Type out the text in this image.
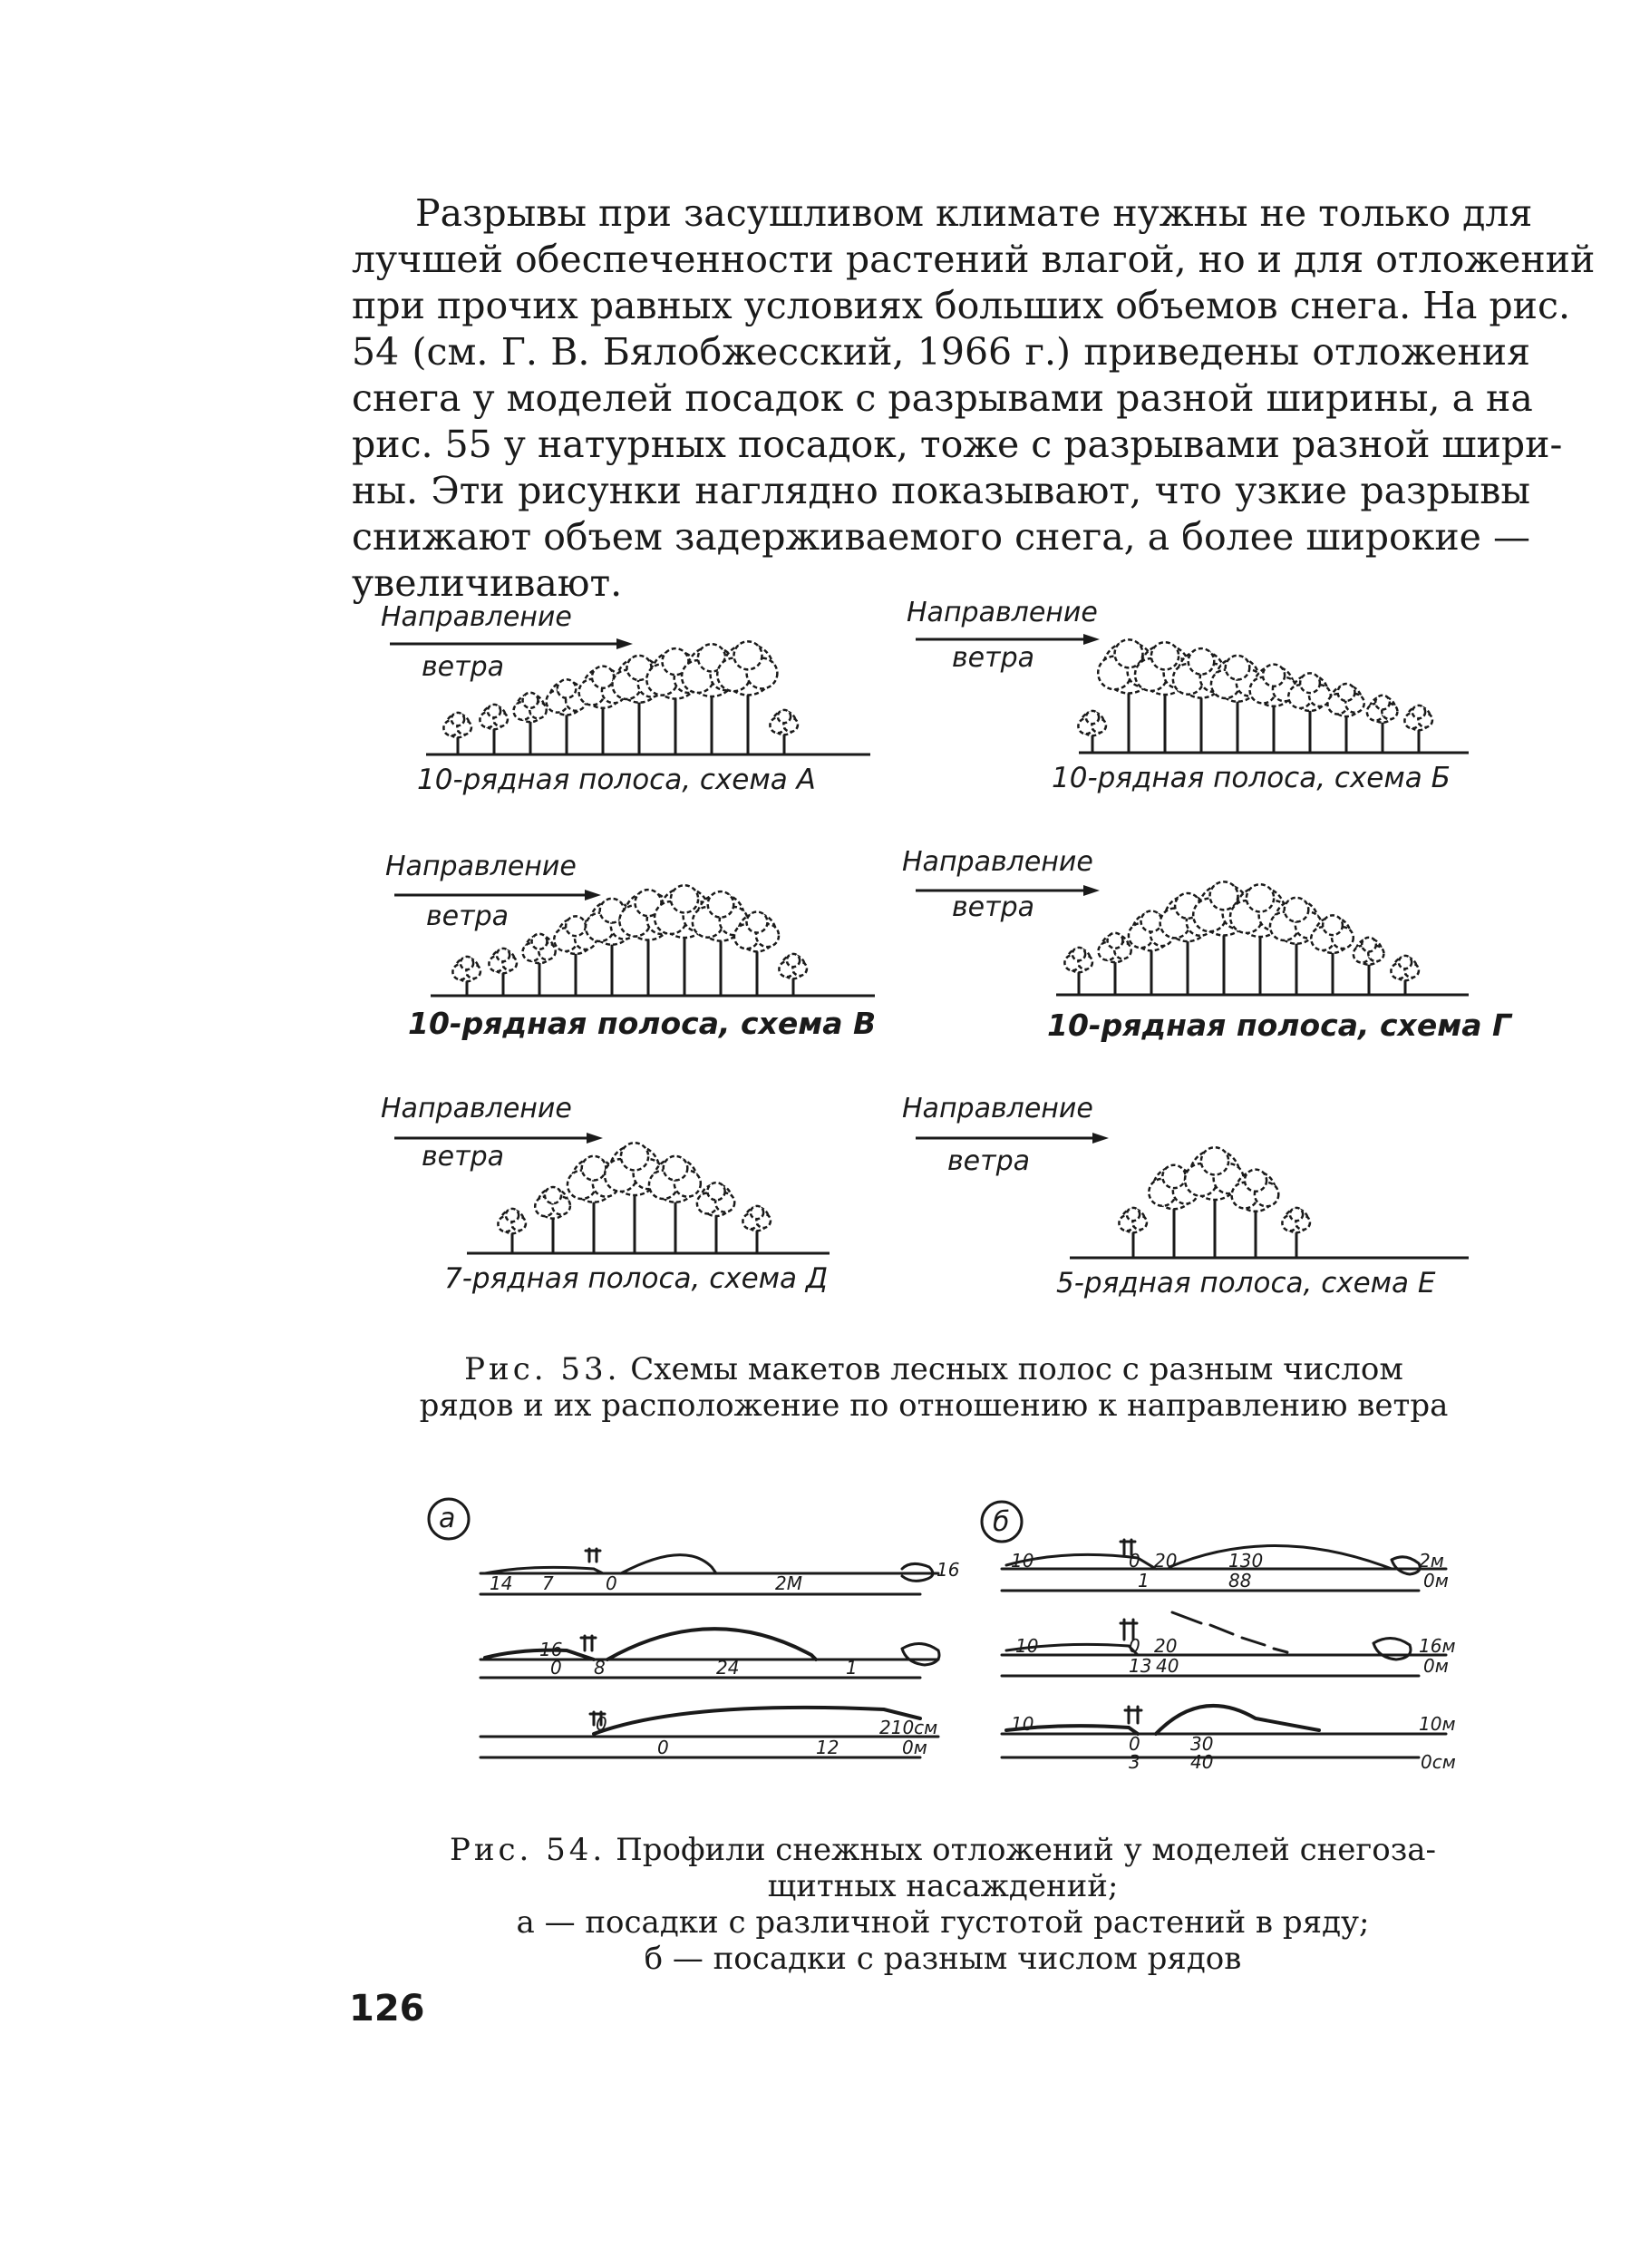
Разрывы при засушливом климате нужны не только для
лучшей обеспеченности растений влагой, но и для отложений
при прочих равных условиях больших объемов снега. На рис.
54 (см. Г. В. Бялобжесский, 1966 г.) приведены отложения
снега у моделей посадок с разрывами разной ширины, а на
рис. 55 у натурных посадок, тоже с разрывами разной шири-
ны. Эти рисунки наглядно показывают, что узкие разрывы
снижают объем задерживаемого снега, а более широкие —
увеличивают.
Направление
ветра
10-рядная полоса, схема А
Направление
ветра
10-рядная полоса, схема Б
Направление
ветра
10-рядная полоса, схема В
Направление
ветра
10-рядная полоса, схема Г
Направление
ветра
7-рядная полоса, схема Д
Направление
ветра
5-рядная полоса, схема Е
Рис. 53. Схемы макетов лесных полос с разным числом
рядов и их расположение по отношению к направлению ветра
а	б
14 7	0	2М
16
16
0 8	24	1
0
0	12
210см
0м
10	0 20	130
1	88
2м
0м
10	0 20
13 40
16м
0м
10
0	30
3	40
10м
0см
Рис. 54. Профили снежных отложений у моделей снегоза-
щитных насаждений;
а — посадки с различной густотой растений в ряду;
б — посадки с разным числом рядов
126
